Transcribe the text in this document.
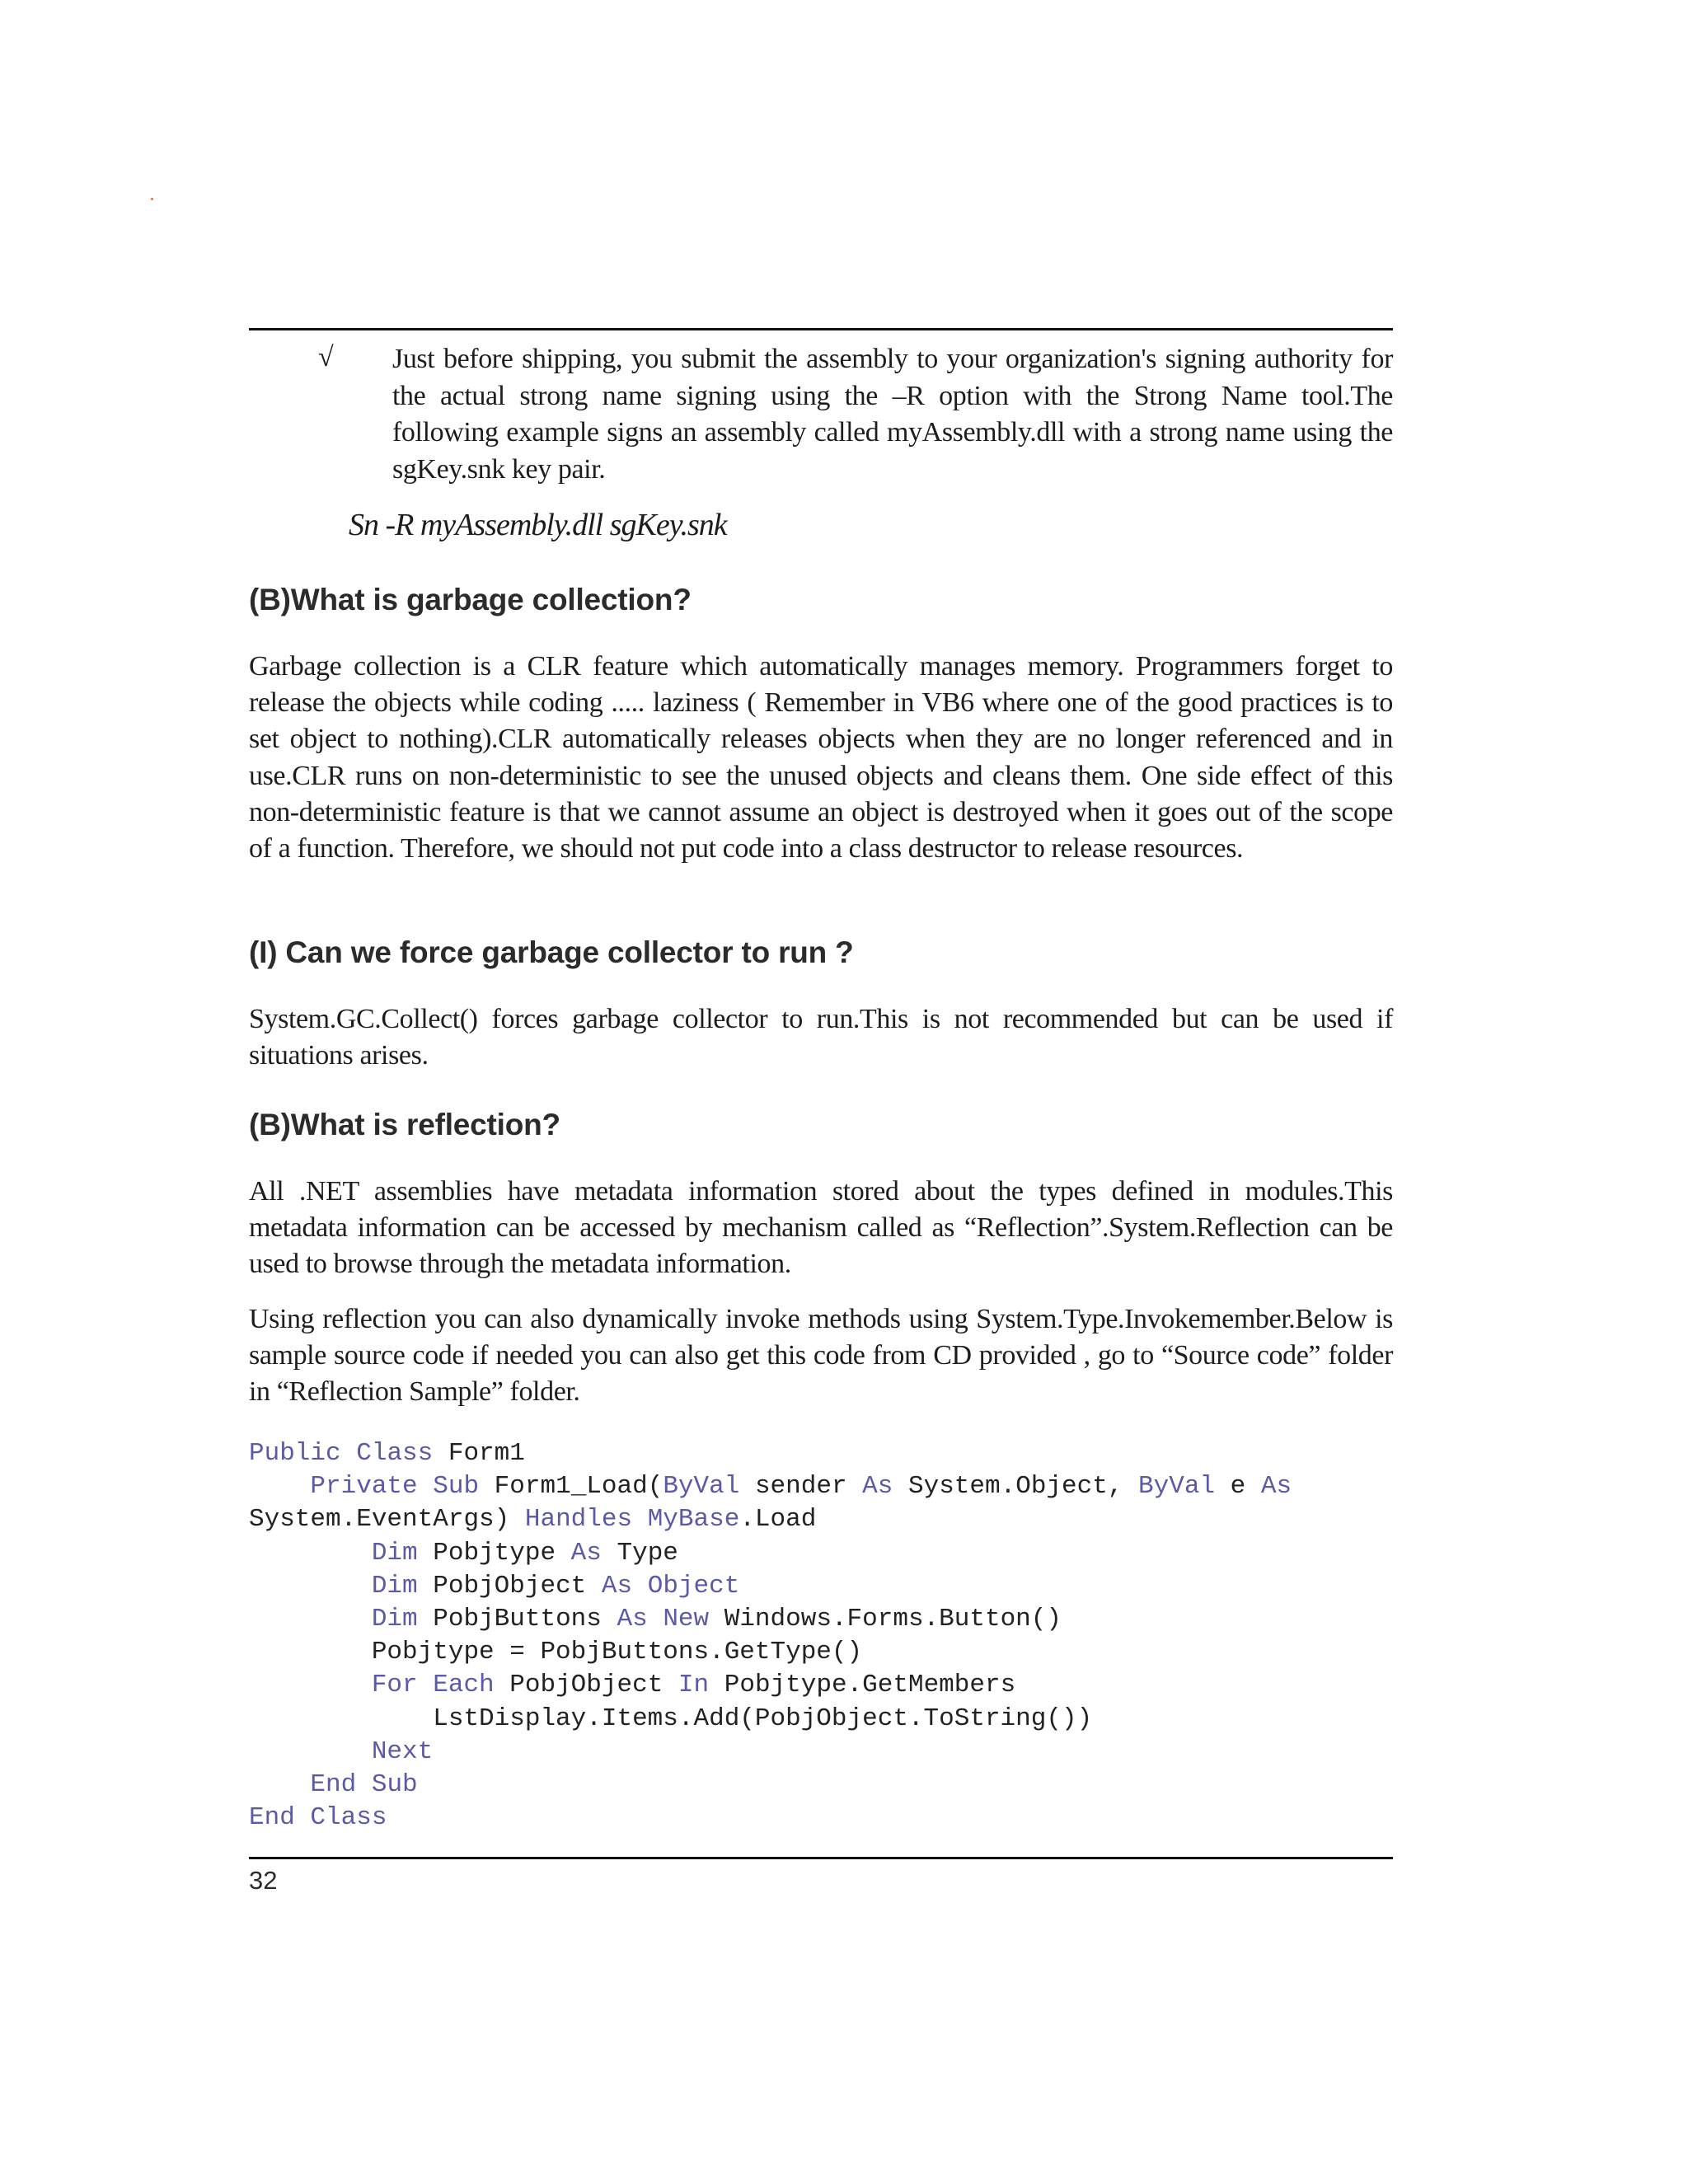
√ Just before shipping, you submit the assembly to your organization's signing authority for the actual strong name signing using the –R option with the Strong Name tool.The following example signs an assembly called myAssembly.dll with a strong name using the sgKey.snk key pair.
Sn -R myAssembly.dll sgKey.snk
(B)What is garbage collection?
Garbage collection is a CLR feature which automatically manages memory. Programmers forget to release the objects while coding ..... laziness ( Remember in VB6 where one of the good practices is to set object to nothing).CLR automatically releases objects when they are no longer referenced and in use.CLR runs on non-deterministic to see the unused objects and cleans them. One side effect of this non-deterministic feature is that we cannot assume an object is destroyed when it goes out of the scope of a function. Therefore, we should not put code into a class destructor to release resources.
(I) Can we force garbage collector to run ?
System.GC.Collect() forces garbage collector to run.This is not recommended but can be used if situations arises.
(B)What is reflection?
All .NET assemblies have metadata information stored about the types defined in modules.This metadata information can be accessed by mechanism called as “Reflection”.System.Reflection can be used to browse through the metadata information.
Using reflection you can also dynamically invoke methods using System.Type.Invokemember.Below is sample source code if needed you can also get this code from CD provided , go to “Source code” folder in “Reflection Sample” folder.
Public Class Form1
Private Sub Form1_Load(ByVal sender As System.Object, ByVal e As
System.EventArgs) Handles MyBase.Load
Dim Pobjtype As Type
Dim PobjObject As Object
Dim PobjButtons As New Windows.Forms.Button()
Pobjtype = PobjButtons.GetType()
For Each PobjObject In Pobjtype.GetMembers
LstDisplay.Items.Add(PobjObject.ToString())
Next
End Sub
End Class
32
